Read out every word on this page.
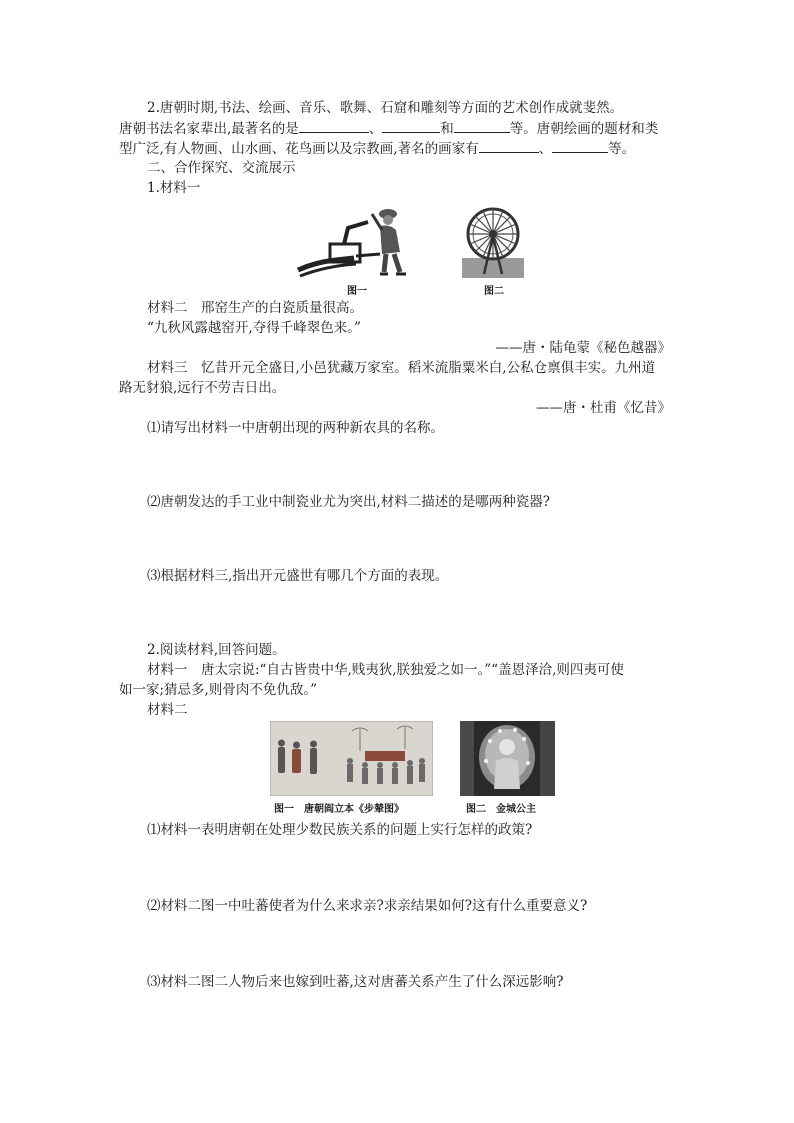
2.唐朝时期,书法、绘画、音乐、歌舞、石窟和雕刻等方面的艺术创作成就斐然。
唐朝书法名家辈出,最著名的是	、	和	等。唐朝绘画的题材和类
型广泛,有人物画、山水画、花鸟画以及宗教画,著名的画家有	、	等。
二、合作探究、交流展示
1.材料一
图一	图二
材料二　邢窑生产的白瓷质量很高。
“九秋风露越窑开,夺得千峰翠色来。”
——唐・陆龟蒙《秘色越器》
材料三　忆昔开元全盛日,小邑犹藏万家室。稻米流脂粟米白,公私仓禀俱丰实。九州道
路无豺狼,远行不劳吉日出。
——唐・杜甫《忆昔》
⑴请写出材料一中唐朝出现的两种新农具的名称。
⑵唐朝发达的手工业中制瓷业尤为突出,材料二描述的是哪两种瓷器?
⑶根据材料三,指出开元盛世有哪几个方面的表现。
2.阅读材料,回答问题。
材料一　唐太宗说:“自古皆贵中华,贱夷狄,朕独爱之如一。”“盖恩泽洽,则四夷可使
如一家;猜忌多,则骨肉不免仇敌。”
材料二
图一　唐朝阎立本《步辇图》	图二　金城公主
⑴材料一表明唐朝在处理少数民族关系的问题上实行怎样的政策?
⑵材料二图一中吐蕃使者为什么来求亲?求亲结果如何?这有什么重要意义?
⑶材料二图二人物后来也嫁到吐蕃,这对唐蕃关系产生了什么深远影响?
